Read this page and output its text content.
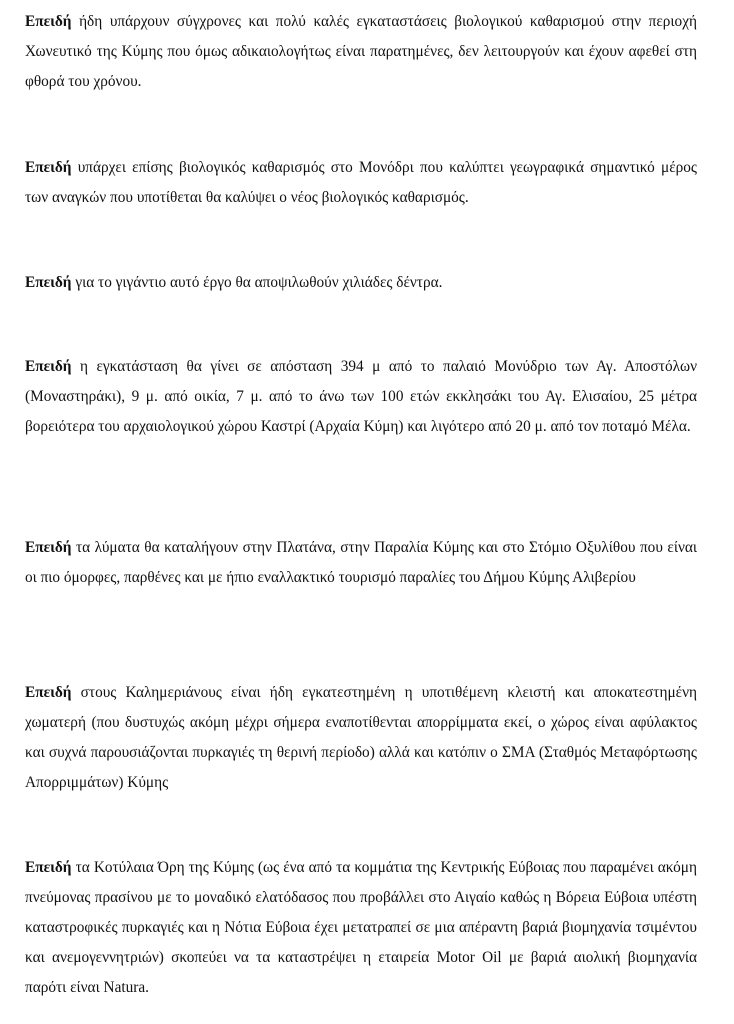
Επειδή ήδη υπάρχουν σύγχρονες και πολύ καλές εγκαταστάσεις βιολογικού καθαρισμού στην περιοχή Χωνευτικό της Κύμης που όμως αδικαιολογήτως είναι παρατημένες, δεν λειτουργούν και έχουν αφεθεί στη φθορά του χρόνου.

Επειδή υπάρχει επίσης βιολογικός καθαρισμός στο Μονόδρι που καλύπτει γεωγραφικά σημαντικό μέρος των αναγκών που υποτίθεται θα καλύψει ο νέος βιολογικός καθαρισμός.

Επειδή για το γιγάντιο αυτό έργο θα αποψιλωθούν χιλιάδες δέντρα.

Επειδή η εγκατάσταση θα γίνει σε απόσταση 394 μ από το παλαιό Μονύδριο των Αγ. Αποστόλων (Μοναστηράκι), 9 μ. από οικία, 7 μ. από το άνω των 100 ετών εκκλησάκι του Αγ. Ελισαίου, 25 μέτρα βορειότερα του αρχαιολογικού χώρου Καστρί (Αρχαία Κύμη) και λιγότερο από 20 μ. από τον ποταμό Μέλα.

Επειδή τα λύματα θα καταλήγουν στην Πλατάνα, στην Παραλία Κύμης και στο Στόμιο Οξυλίθου που είναι οι πιο όμορφες, παρθένες και με ήπιο εναλλακτικό τουρισμό παραλίες του Δήμου Κύμης Αλιβερίου

Επειδή στους Καλημεριάνους είναι ήδη εγκατεστημένη η υποτιθέμενη κλειστή και αποκατεστημένη χωματερή (που δυστυχώς ακόμη μέχρι σήμερα εναποτίθενται απορρίμματα εκεί, ο χώρος είναι αφύλακτος και συχνά παρουσιάζονται πυρκαγιές τη θερινή περίοδο) αλλά και κατόπιν ο ΣΜΑ (Σταθμός Μεταφόρτωσης Απορριμμάτων) Κύμης

Επειδή τα Κοτύλαια Όρη της Κύμης (ως ένα από τα κομμάτια της Κεντρικής Εύβοιας που παραμένει ακόμη πνεύμονας πρασίνου με το μοναδικό ελατόδασος που προβάλλει στο Αιγαίο καθώς η Βόρεια Εύβοια υπέστη καταστροφικές πυρκαγιές και η Νότια Εύβοια έχει μετατραπεί σε μια απέραντη βαριά βιομηχανία τσιμέντου και ανεμογεννητριών) σκοπεύει να τα καταστρέψει η εταιρεία Motor Oil με βαριά αιολική βιομηχανία παρότι είναι Natura.
